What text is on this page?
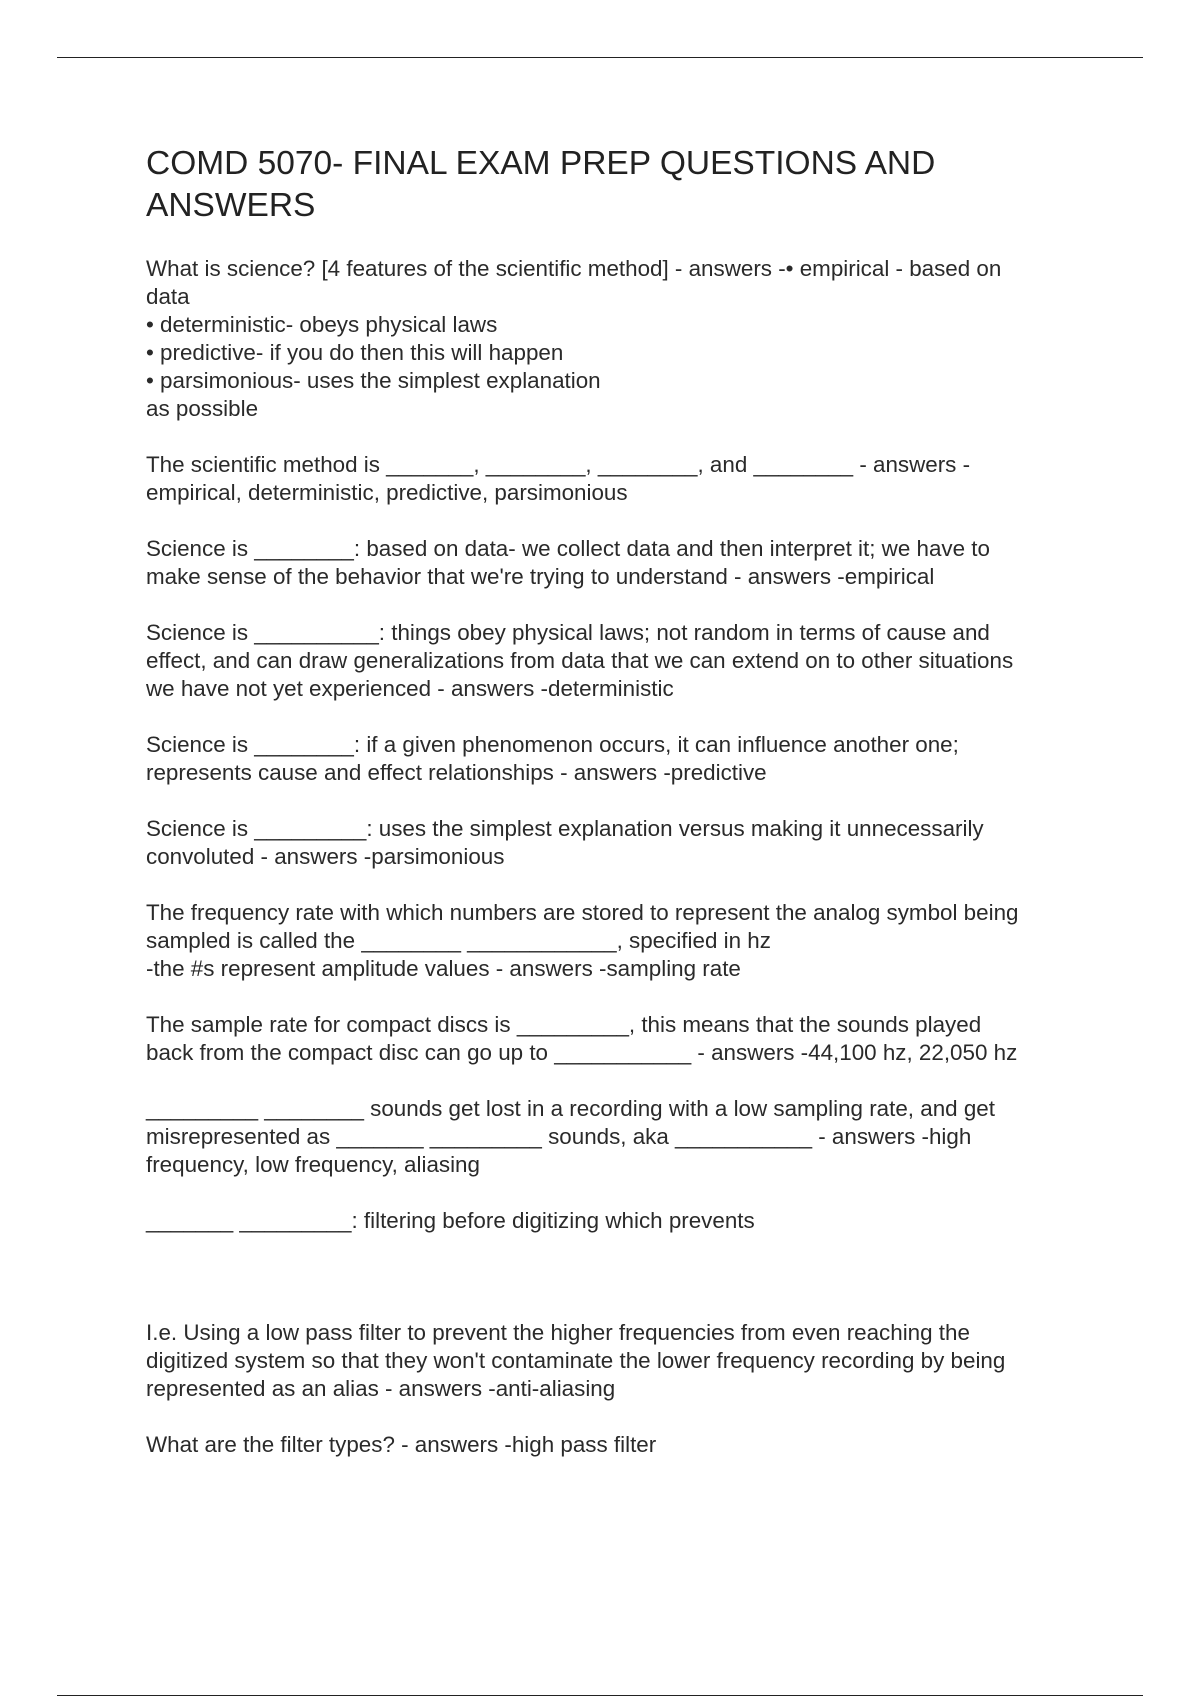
COMD 5070- FINAL EXAM PREP QUESTIONS AND
ANSWERS

What is science? [4 features of the scientific method] - answers -• empirical - based on
data
• deterministic- obeys physical laws
• predictive- if you do then this will happen
• parsimonious- uses the simplest explanation
as possible

The scientific method is _______, ________, ________, and ________ - answers -
empirical, deterministic, predictive, parsimonious

Science is ________: based on data- we collect data and then interpret it; we have to
make sense of the behavior that we're trying to understand - answers -empirical

Science is __________: things obey physical laws; not random in terms of cause and
effect, and can draw generalizations from data that we can extend on to other situations
we have not yet experienced - answers -deterministic

Science is ________: if a given phenomenon occurs, it can influence another one;
represents cause and effect relationships - answers -predictive

Science is _________: uses the simplest explanation versus making it unnecessarily
convoluted - answers -parsimonious

The frequency rate with which numbers are stored to represent the analog symbol being
sampled is called the ________ ____________, specified in hz
-the #s represent amplitude values - answers -sampling rate

The sample rate for compact discs is _________, this means that the sounds played
back from the compact disc can go up to ___________ - answers -44,100 hz, 22,050 hz

_________ ________ sounds get lost in a recording with a low sampling rate, and get
misrepresented as _______ _________ sounds, aka ___________ - answers -high
frequency, low frequency, aliasing

_______ _________: filtering before digitizing which prevents

I.e. Using a low pass filter to prevent the higher frequencies from even reaching the
digitized system so that they won't contaminate the lower frequency recording by being
represented as an alias - answers -anti-aliasing

What are the filter types? - answers -high pass filter
